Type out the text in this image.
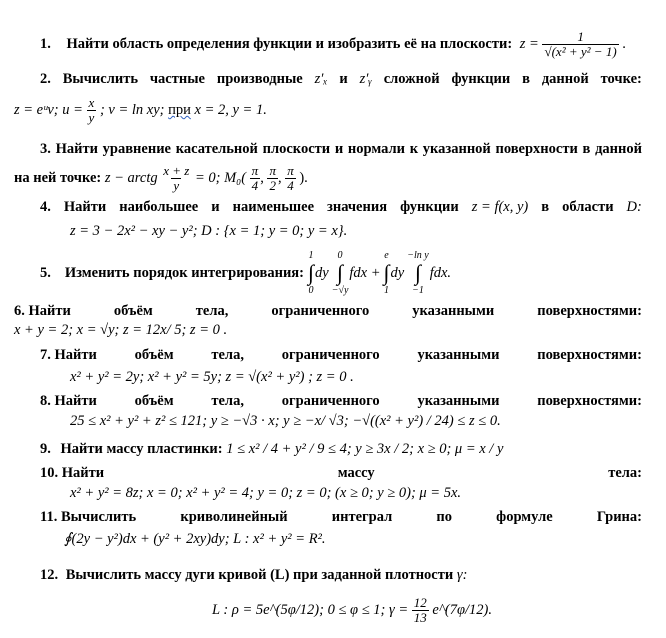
1. Найти область определения функции и изобразить её на плоскости: $z = \frac{1}{\text{√(x² + y² − 1)}}$ .
2. Вычислить частные производные z′ₓ и z′ᵧ сложной функции в данной точке:
z = eᵘv; $u = \frac{x}{y}$ ; v = ln xy; при x = 2, y = 1.
3. Найти уравнение касательной плоскости и нормали к указанной поверхности в данной
на ней точке: z − arctg $\frac{x + z}{y} = 0$; $M_0( \frac{\pi}{4}$ , $\frac{\pi}{2}$ , $\frac{\pi}{4}$ ).
4. Найти наибольшее и наименьшее значения функции z = f(x, y) в области D:
z = 3 − 2x² − xy − y²; D : {x = 1; y = 0; y = x}.
5. Изменить порядок интегрирования:
1
∫
0
dy
0
∫
−√y
fdx +
e
∫
1
dy
−ln y
∫
−1
fdx.
6. Найти	объём	тела,	ограниченного	указанными	поверхностями:
x + y = 2; x = √y; z = 12x/ 5; z = 0 .
7. Найти	объём	тела,	ограниченного	указанными	поверхностями:
x² + y² = 2y; x² + y² = 5y; z = √(x² + y²) ; z = 0 .
8. Найти	объём	тела,	ограниченного	указанными	поверхностями:
25 ≤ x² + y² + z² ≤ 121; y ≥ −√3 · x; y ≥ −x/ √3; −√((x² + y²) / 24) ≤ z ≤ 0.
9. Найти массу пластинки: 1 ≤ x² / 4 + y² / 9 ≤ 4; y ≥ 3x / 2; x ≥ 0; μ = x / y
10. Найти	массу	тела:
x² + y² = 8z; x = 0; x² + y² = 4; y = 0; z = 0; (x ≥ 0; y ≥ 0); μ = 5x.
11. Вычислить	криволинейный	интеграл	по	формуле	Грина:
∮(2y − y²)dx + (y² + 2xy)dy; L : x² + y² = R².
12. Вычислить массу дуги кривой (L) при заданной плотности γ:
L : ρ = 5e^(5φ/12); 0 ≤ φ ≤ 1; $\gamma = \frac{12}{13}$ e^(7φ/12).
